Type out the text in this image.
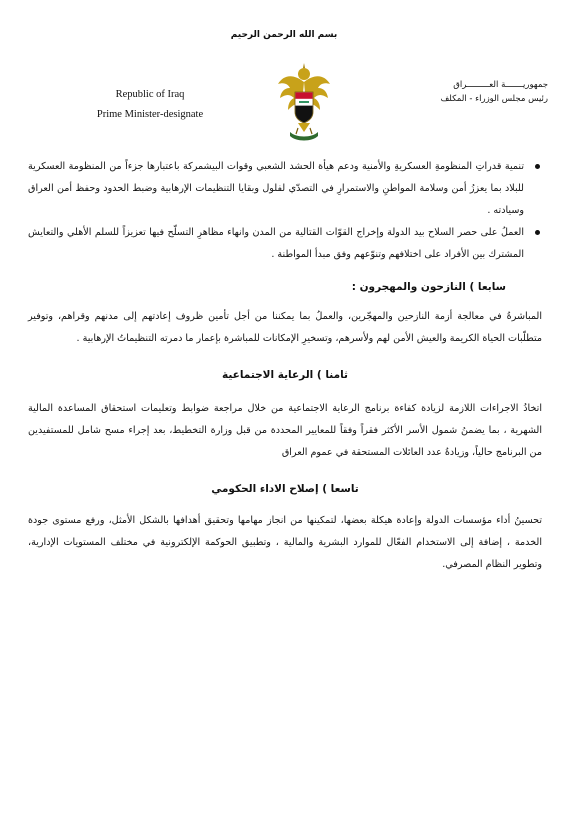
بسم الله الرحمن الرحيم
Republic of Iraq
Prime Minister-designate
جمهوريـــــــة العـــــــــراق
رئيس مجلس الوزراء - المكلف

تنمية قدراتِ المنظومةِ العسكريةِ والأمنية ودعم هيأة الحشد الشعبي وقوات البيشمركة باعتبارها جزءاً من المنظومة العسكرية للبلاد بما يعززُ أمن وسلامة المواطنِ والاستمرارِ في التصدّي لفلول وبقايا التنظيمات الإرهابية وضبط الحدود وحفظ أمن العراق وسيادته .

العملُ على حصر السلاح بيد الدولة وإخراج القوّات القتالية من المدن وانهاء مظاهرِ التسلّح فيها تعزيزاً للسلم الأهلي والتعايش المشترك بين الأفراد على اختلافهم وتنوّعهم وفق مبدأ المواطنة .

سابعا ) النازحون والمهجرون :

المباشرةُ في معالجة أزمة النازحين والمهجّرين، والعملُ بما يمكننا من أجل تأمين ظروف إعادتهم إلى مدنهم وقراهم، وتوفير متطلّبات الحياة الكريمة والعيش الأمن لهم ولأسرهم، وتسخيرِ الإمكانات للمباشرة بإعمار ما دمرته التنظيماتُ الإرهابية .

ثامنا ) الرعاية الاجتماعية

اتخاذُ الاجراءات اللازمة لزيادة كفاءة برنامج الرعاية الاجتماعية من خلال مراجعة ضوابط وتعليمات استحقاق المساعدة المالية الشهرية ، بما يضمنُ شمول الأسر الأكثر فقراً وفقاً للمعايير المحددة من قبل وزارة التخطيط، بعد إجراء مسح شامل للمستفيدين من البرنامج حالياً، وزيادةُ عدد العائلات المستحقة في عموم العراق

تاسعا ) إصلاح الاداء الحكومي

تحسينُ أداء مؤسسات الدولة وإعادة هيكلة بعضها، لتمكينها من انجاز مهامها وتحقيق أهدافها بالشكل الأمثل، ورفع مستوى جودة الخدمة ، إضافة إلى الاستخدام الفعّال للموارد البشرية والمالية ، وتطبيق الحوكمة الإلكترونية في مختلف المستويات الإدارية، وتطوير النظام المصرفي.
